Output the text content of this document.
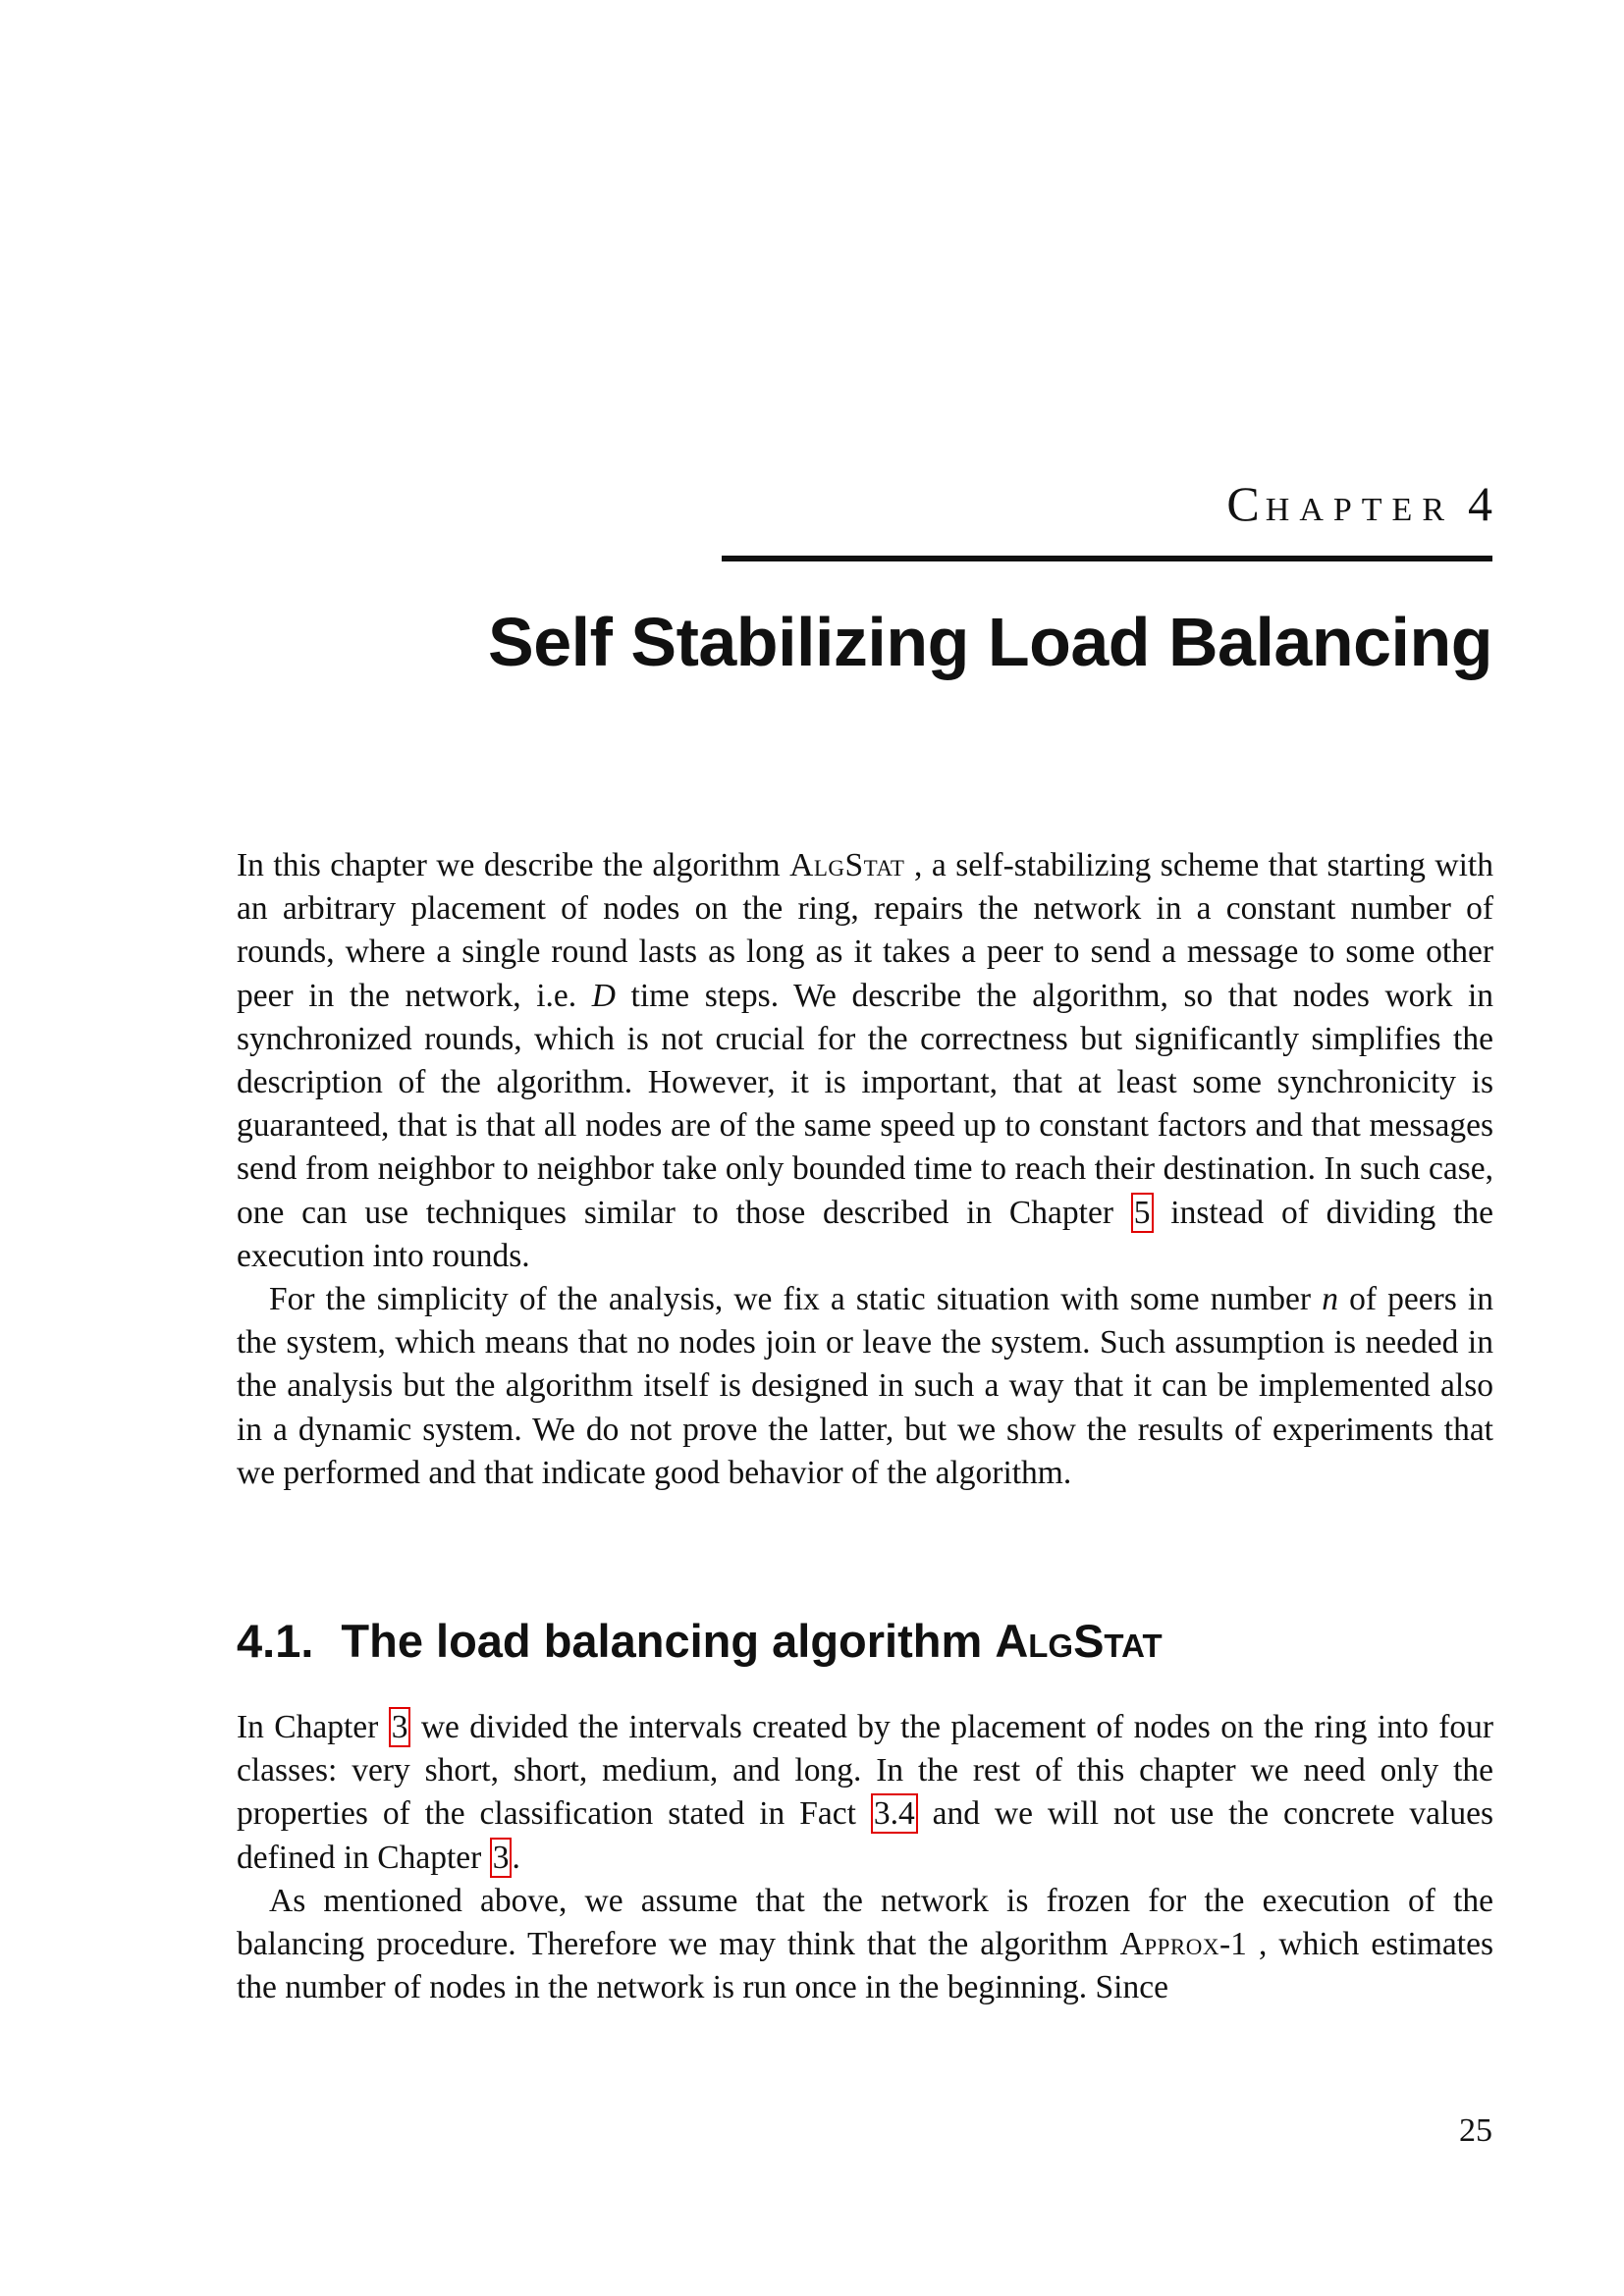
C HAPTER 4
Self Stabilizing Load Balancing

In this chapter we describe the algorithm AlgStat , a self-stabilizing scheme that starting with an arbitrary placement of nodes on the ring, repairs the network in a constant number of rounds, where a single round lasts as long as it takes a peer to send a message to some other peer in the network, i.e. D time steps. We describe the algorithm, so that nodes work in synchronized rounds, which is not crucial for the correctness but significantly simplifies the description of the algorithm. However, it is important, that at least some synchronicity is guaranteed, that is that all nodes are of the same speed up to constant factors and that messages send from neighbor to neighbor take only bounded time to reach their destination. In such case, one can use techniques similar to those described in Chapter 5 instead of dividing the execution into rounds.

For the simplicity of the analysis, we fix a static situation with some number n of peers in the system, which means that no nodes join or leave the system. Such assumption is needed in the analysis but the algorithm itself is designed in such a way that it can be implemented also in a dynamic system. We do not prove the latter, but we show the results of experiments that we performed and that indicate good behavior of the algorithm.

4.1. The load balancing algorithm AlgStat

In Chapter 3 we divided the intervals created by the placement of nodes on the ring into four classes: very short, short, medium, and long. In the rest of this chapter we need only the properties of the classification stated in Fact 3.4 and we will not use the concrete values defined in Chapter 3.

As mentioned above, we assume that the network is frozen for the execution of the balancing procedure. Therefore we may think that the algorithm Approx-1 , which estimates the number of nodes in the network is run once in the beginning. Since

25
